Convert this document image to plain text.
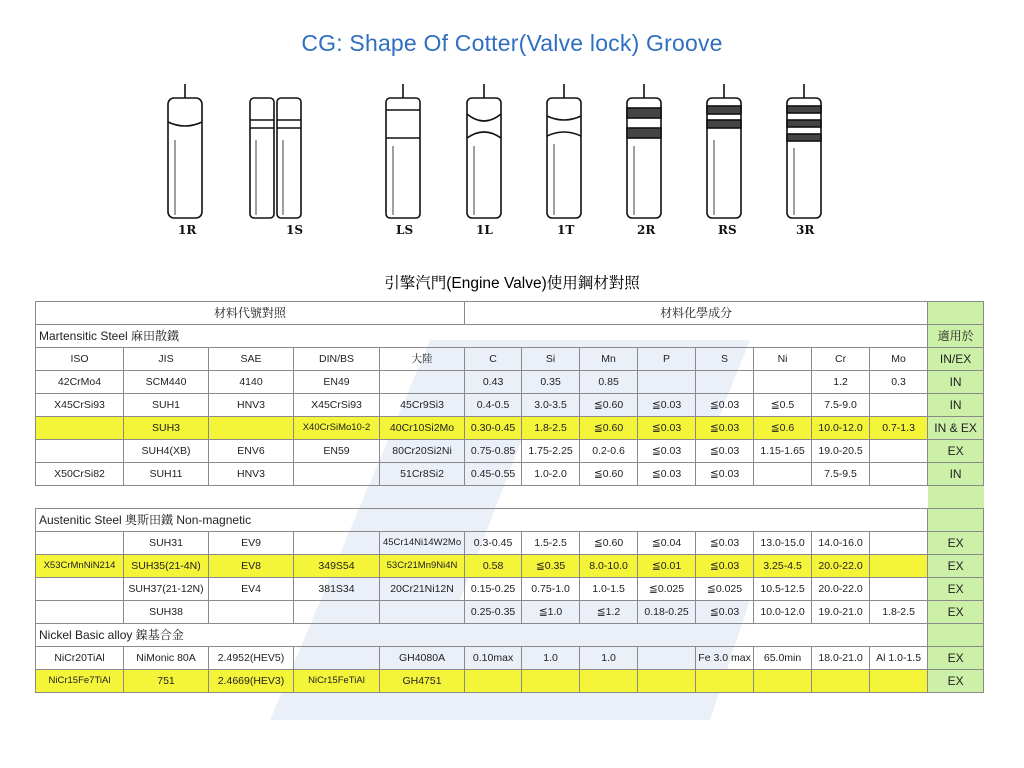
CG: Shape Of Cotter(Valve lock) Groove
1R	1S	LS	1L	1T	2R	RS	3R
引擎汽門(Engine Valve)使用鋼材對照
材料代號對照					材料化學成分								
Martensitic Steel 麻田散鐵													適用於
ISO	JIS	SAE	DIN/BS	大陸	C	Si	Mn	P	S	Ni	Cr	Mo	IN/EX
42CrMo4	SCM440	4140	EN49		0.43	0.35	0.85				1.2	0.3	IN
X45CrSi93	SUH1	HNV3	X45CrSi93	45Cr9Si3	0.4-0.5	3.0-3.5	≦0.60	≦0.03	≦0.03	≦0.5	7.5-9.0		IN
	SUH3		X40CrSiMo10-2	40Cr10Si2Mo	0.30-0.45	1.8-2.5	≦0.60	≦0.03	≦0.03	≦0.6	10.0-12.0	0.7-1.3	IN & EX
	SUH4(XB)	ENV6	EN59	80Cr20Si2Ni	0.75-0.85	1.75-2.25	0.2-0.6	≦0.03	≦0.03	1.15-1.65	19.0-20.5		EX
X50CrSi82	SUH11	HNV3		51Cr8Si2	0.45-0.55	1.0-2.0	≦0.60	≦0.03	≦0.03		7.5-9.5		IN

Austenitic Steel 奧斯田鐵 Non-magnetic													
	SUH31	EV9		45Cr14Ni14W2Mo	0.3-0.45	1.5-2.5	≦0.60	≦0.04	≦0.03	13.0-15.0	14.0-16.0		EX
X53CrMnNiN214	SUH35(21-4N)	EV8	349S54	53Cr21Mn9Ni4N	0.58	≦0.35	8.0-10.0	≦0.01	≦0.03	3.25-4.5	20.0-22.0		EX
	SUH37(21-12N)	EV4	381S34	20Cr21Ni12N	0.15-0.25	0.75-1.0	1.0-1.5	≦0.025	≦0.025	10.5-12.5	20.0-22.0		EX
	SUH38				0.25-0.35	≦1.0	≦1.2	0.18-0.25	≦0.03	10.0-12.0	19.0-21.0	1.8-2.5	EX
Nickel Basic alloy 鎳基合金													
NiCr20TiAl	NiMonic 80A	2.4952(HEV5)		GH4080A	0.10max	1.0	1.0		Fe 3.0 max	65.0min	18.0-21.0	Al 1.0-1.5	EX
NiCr15Fe7TiAl	751	2.4669(HEV3)	NiCr15FeTiAl	GH4751									EX
